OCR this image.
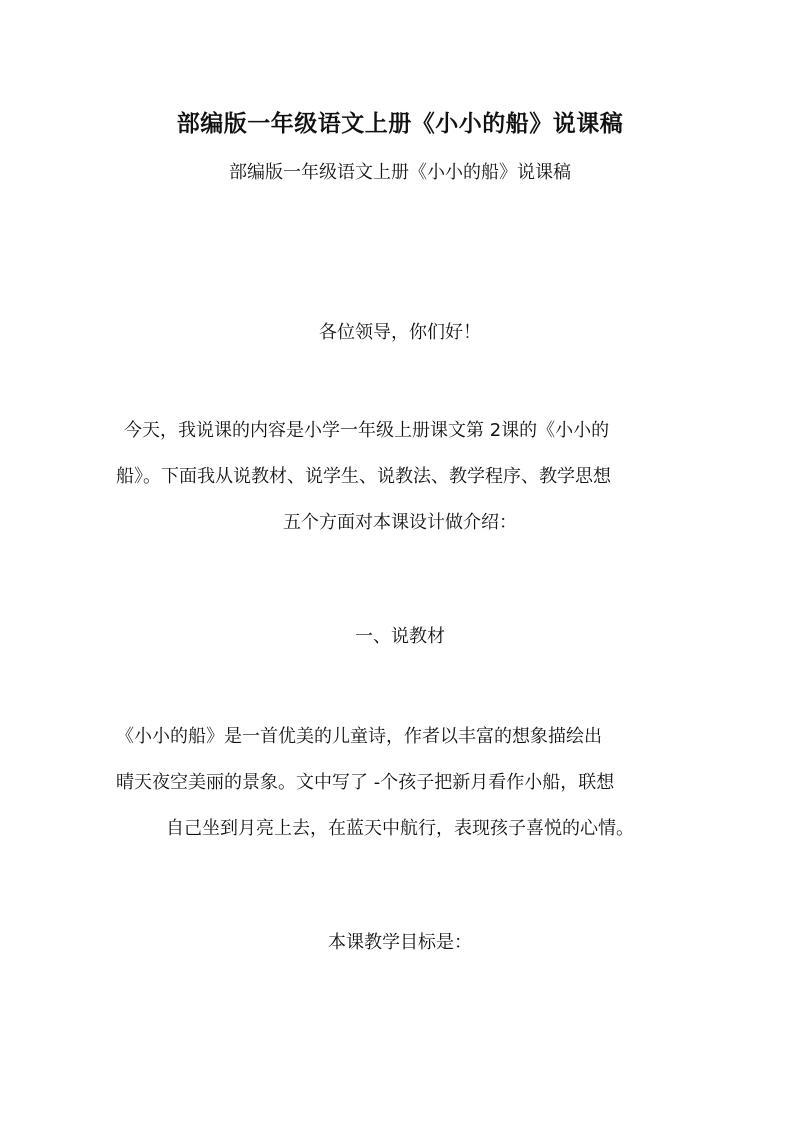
部编版一年级语文上册《小小的船》说课稿
部编版一年级语文上册《小小的船》说课稿
各位领导，你们好！
今天，我说课的内容是小学一年级上册课文第 2课的《小小的
船》。下面我从说教材、说学生、说教法、教学程序、教学思想
五个方面对本课设计做介绍：
一、说教材
《小小的船》是一首优美的儿童诗，作者以丰富的想象描绘出
晴天夜空美丽的景象。文中写了 -个孩子把新月看作小船，联想
自己坐到月亮上去，在蓝天中航行，表现孩子喜悦的心情。
本课教学目标是：
